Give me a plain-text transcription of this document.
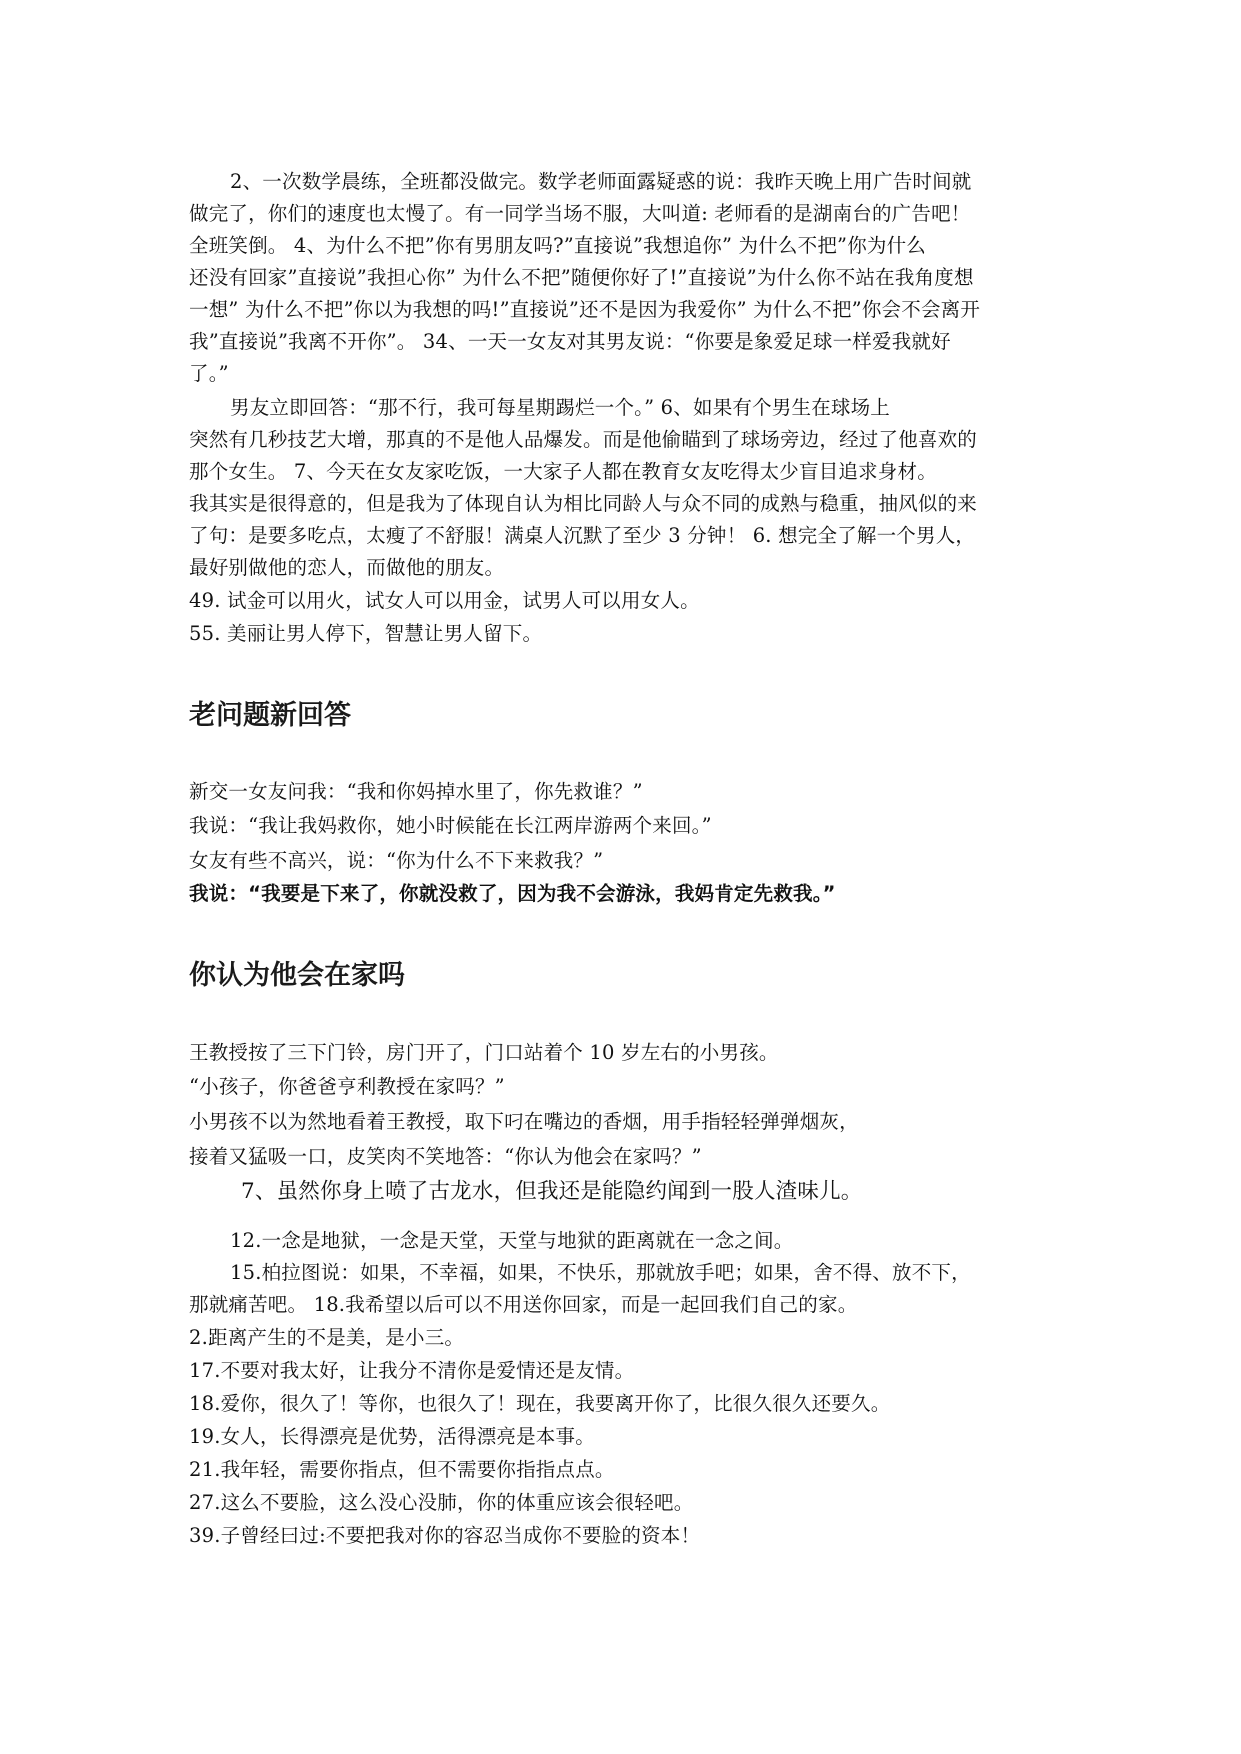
2、一次数学晨练，全班都没做完。数学老师面露疑惑的说：我昨天晚上用广告时间就
做完了，你们的速度也太慢了。有一同学当场不服，大叫道: 老师看的是湖南台的广告吧！
全班笑倒。 4、为什么不把”你有男朋友吗?”直接说”我想追你” 为什么不把”你为什么
还没有回家”直接说”我担心你” 为什么不把”随便你好了!”直接说”为什么你不站在我角度想
一想” 为什么不把”你以为我想的吗!”直接说”还不是因为我爱你” 为什么不把”你会不会离开
我”直接说”我离不开你”。 34、一天一女友对其男友说：“你要是象爱足球一样爱我就好
了。”
男友立即回答：“那不行，我可每星期踢烂一个。” 6、如果有个男生在球场上
突然有几秒技艺大增，那真的不是他人品爆发。而是他偷瞄到了球场旁边，经过了他喜欢的
那个女生。 7、今天在女友家吃饭，一大家子人都在教育女友吃得太少盲目追求身材。
我其实是很得意的，但是我为了体现自认为相比同龄人与众不同的成熟与稳重，抽风似的来
了句：是要多吃点，太瘦了不舒服！满桌人沉默了至少 3 分钟！ 6. 想完全了解一个男人，
最好别做他的恋人，而做他的朋友。
49. 试金可以用火，试女人可以用金，试男人可以用女人。
55. 美丽让男人停下，智慧让男人留下。
老问题新回答
新交一女友问我：“我和你妈掉水里了，你先救谁？”
我说：“我让我妈救你，她小时候能在长江两岸游两个来回。”
女友有些不高兴，说：“你为什么不下来救我？”
我说：“我要是下来了，你就没救了，因为我不会游泳，我妈肯定先救我。”
你认为他会在家吗
王教授按了三下门铃，房门开了，门口站着个 10 岁左右的小男孩。
“小孩子，你爸爸亨利教授在家吗？”
小男孩不以为然地看着王教授，取下叼在嘴边的香烟，用手指轻轻弹弹烟灰，
接着又猛吸一口，皮笑肉不笑地答：“你认为他会在家吗？”
7、虽然你身上喷了古龙水，但我还是能隐约闻到一股人渣味儿。
12.一念是地狱，一念是天堂，天堂与地狱的距离就在一念之间。
15.柏拉图说：如果，不幸福，如果，不快乐，那就放手吧；如果，舍不得、放不下，
那就痛苦吧。 18.我希望以后可以不用送你回家，而是一起回我们自己的家。
2.距离产生的不是美，是小三。
17.不要对我太好，让我分不清你是爱情还是友情。
18.爱你，很久了！等你，也很久了！现在，我要离开你了，比很久很久还要久。
19.女人，长得漂亮是优势，活得漂亮是本事。
21.我年轻，需要你指点，但不需要你指指点点。
27.这么不要脸，这么没心没肺，你的体重应该会很轻吧。
39.子曾经曰过:不要把我对你的容忍当成你不要脸的资本！
